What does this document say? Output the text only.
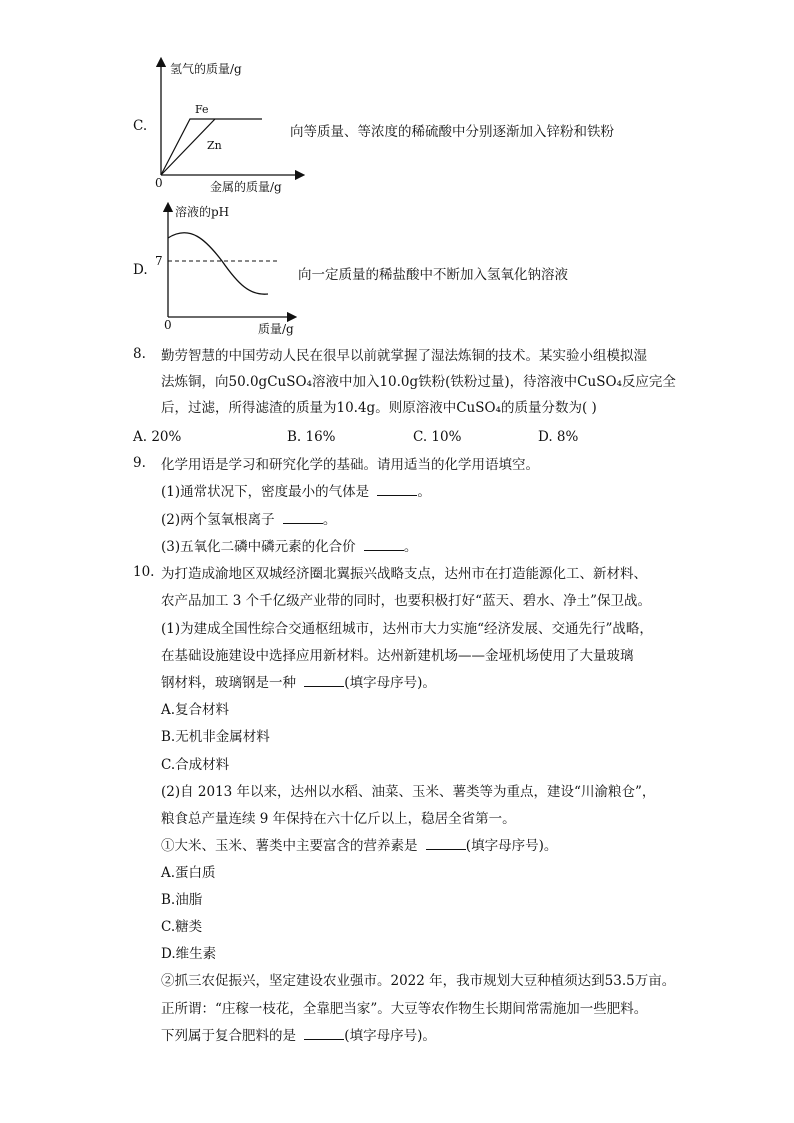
C.
氢气的质量/g
Fe
Zn
0	金属的质量/g
向等质量、等浓度的稀硫酸中分别逐渐加入锌粉和铁粉
D.
溶液的pH
7
0	质量/g
向一定质量的稀盐酸中不断加入氢氧化钠溶液
8. 勤劳智慧的中国劳动人民在很早以前就掌握了湿法炼铜的技术。某实验小组模拟湿
法炼铜，向50.0gCuSO₄溶液中加入10.0g铁粉(铁粉过量)，待溶液中CuSO₄反应完全
后，过滤，所得滤渣的质量为10.4g。则原溶液中CuSO₄的质量分数为( )
A. 20%	B. 16%	C. 10%	D. 8%
9. 化学用语是学习和研究化学的基础。请用适当的化学用语填空。
(1)通常状况下，密度最小的气体是	。
(2)两个氢氧根离子	。
(3)五氧化二磷中磷元素的化合价	。
10. 为打造成渝地区双城经济圈北翼振兴战略支点，达州市在打造能源化工、新材料、
农产品加工 3 个千亿级产业带的同时，也要积极打好“蓝天、碧水、净土”保卫战。
(1)为建成全国性综合交通枢纽城市，达州市大力实施“经济发展、交通先行”战略，
在基础设施建设中选择应用新材料。达州新建机场——金垭机场使用了大量玻璃
钢材料，玻璃钢是一种	(填字母序号)。
A.复合材料
B.无机非金属材料
C.合成材料
(2)自 2013 年以来，达州以水稻、油菜、玉米、薯类等为重点，建设“川渝粮仓”，
粮食总产量连续 9 年保持在六十亿斤以上，稳居全省第一。
①大米、玉米、薯类中主要富含的营养素是	(填字母序号)。
A.蛋白质
B.油脂
C.糖类
D.维生素
②抓三农促振兴，坚定建设农业强市。2022 年，我市规划大豆种植须达到53.5万亩。
正所谓：“庄稼一枝花，全靠肥当家”。大豆等农作物生长期间常需施加一些肥料。
下列属于复合肥料的是	(填字母序号)。
